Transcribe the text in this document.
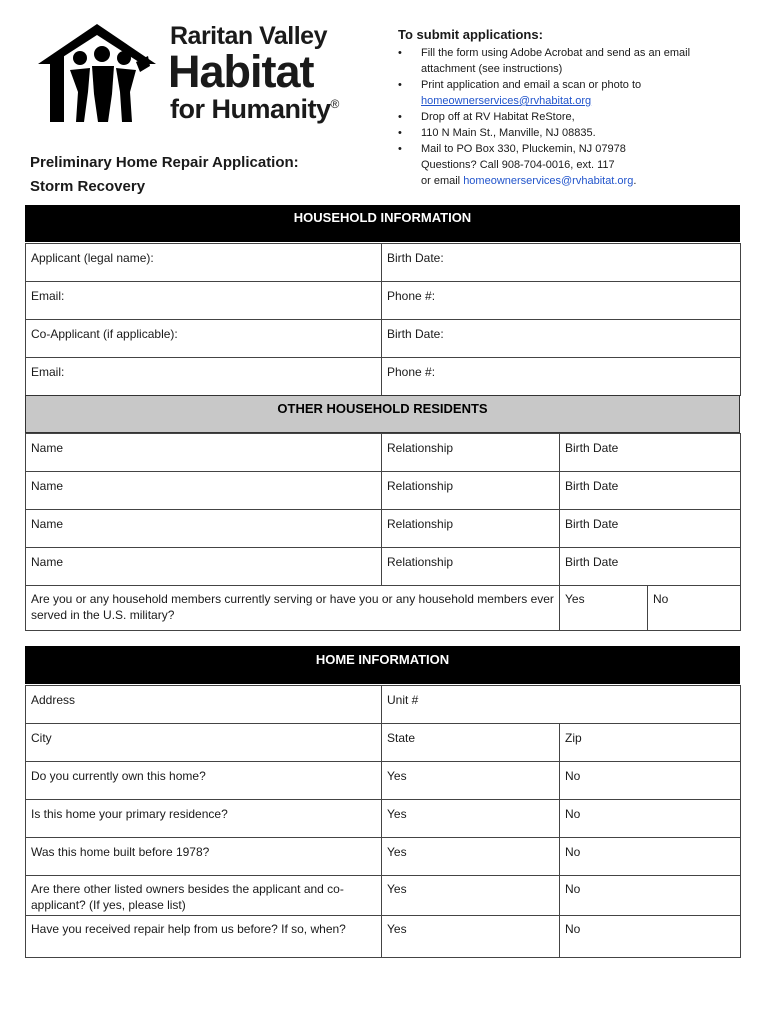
Raritan Valley
Habitat
for Humanity®
To submit applications:
• Fill the form using Adobe Acrobat and send as an email attachment (see instructions)
• Print application and email a scan or photo to
homeownerservices@rvhabitat.org
• Drop off at RV Habitat ReStore,
• 110 N Main St., Manville, NJ 08835.
• Mail to PO Box 330, Pluckemin, NJ 07978
Questions? Call 908-704-0016, ext. 117
or email homeownerservices@rvhabitat.org.
Preliminary Home Repair Application:
Storm Recovery
HOUSEHOLD INFORMATION
Applicant (legal name):	Birth Date:

Email:	Phone #:

Co-Applicant (if applicable):	Birth Date:

Email:	Phone #:
OTHER HOUSEHOLD RESIDENTS
Name	Relationship	Birth Date

Name	Relationship	Birth Date

Name	Relationship	Birth Date

Name	Relationship	Birth Date
Are you or any household members currently serving or have you or any household members ever served in the U.S. military?

Yes	No
HOME INFORMATION
Address	Unit #	

City	State	Zip

Do you currently own this home?	Yes	No

Is this home your primary residence?	Yes	No

Was this home built before 1978?	Yes	No

Are there other listed owners besides the applicant and co-applicant? (If yes, please list)	Yes	No

Have you received repair help from us before? If so, when?	Yes	No
